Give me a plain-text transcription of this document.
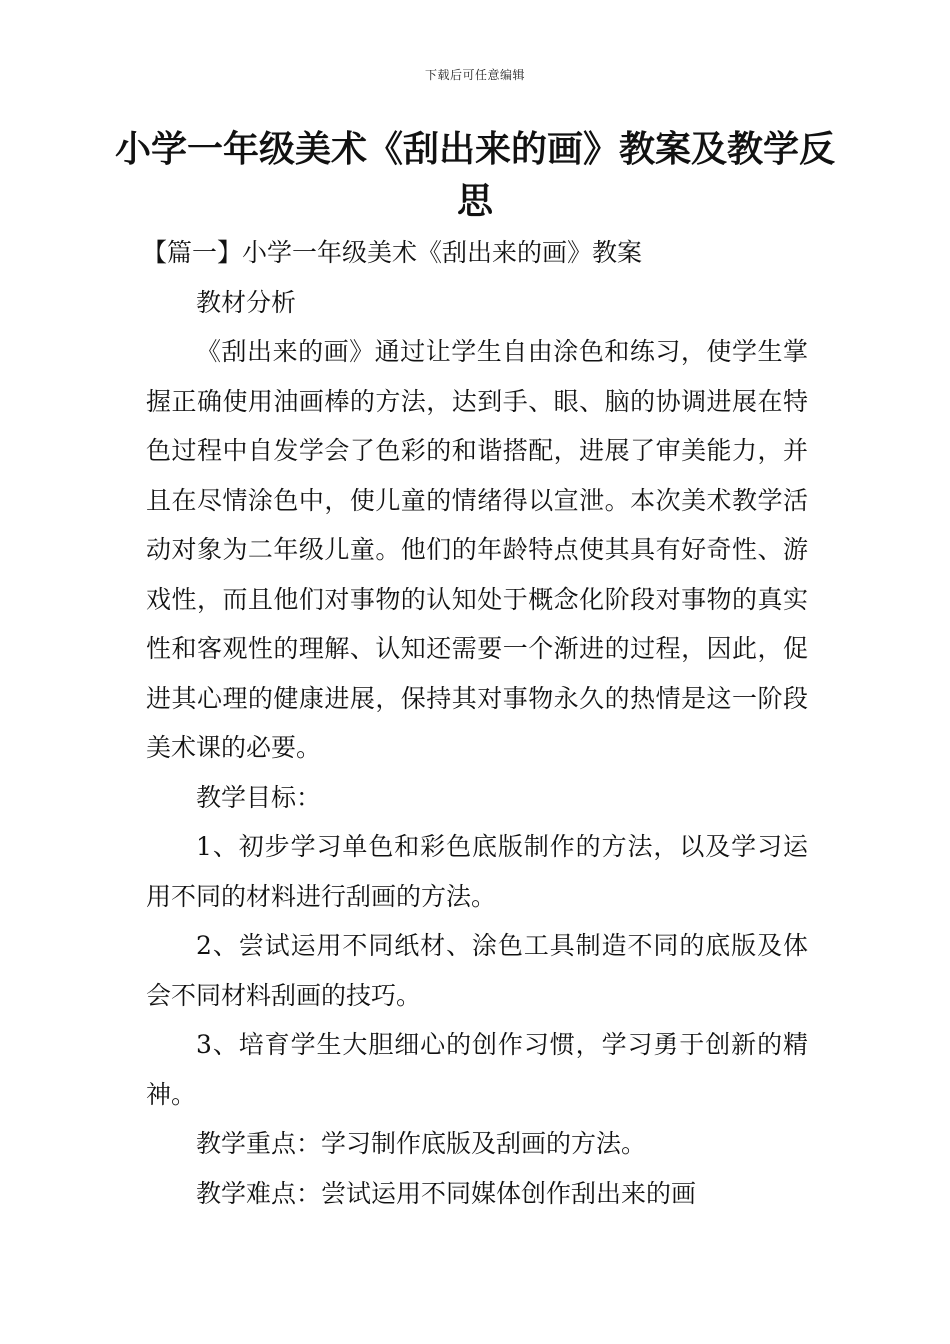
下载后可任意编辑
小学一年级美术《刮出来的画》教案及教学反思

【篇一】小学一年级美术《刮出来的画》教案

教材分析

《刮出来的画》通过让学生自由涂色和练习，使学生掌握正确使用油画棒的方法，达到手、眼、脑的协调进展在特色过程中自发学会了色彩的和谐搭配，进展了审美能力，并且在尽情涂色中，使儿童的情绪得以宣泄。本次美术教学活动对象为二年级儿童。他们的年龄特点使其具有好奇性、游戏性，而且他们对事物的认知处于概念化阶段对事物的真实性和客观性的理解、认知还需要一个渐进的过程，因此，促进其心理的健康进展，保持其对事物永久的热情是这一阶段美术课的必要。

教学目标：

1、初步学习单色和彩色底版制作的方法，以及学习运用不同的材料进行刮画的方法。

2、尝试运用不同纸材、涂色工具制造不同的底版及体会不同材料刮画的技巧。

3、培育学生大胆细心的创作习惯，学习勇于创新的精神。

教学重点：学习制作底版及刮画的方法。

教学难点：尝试运用不同媒体创作刮出来的画
